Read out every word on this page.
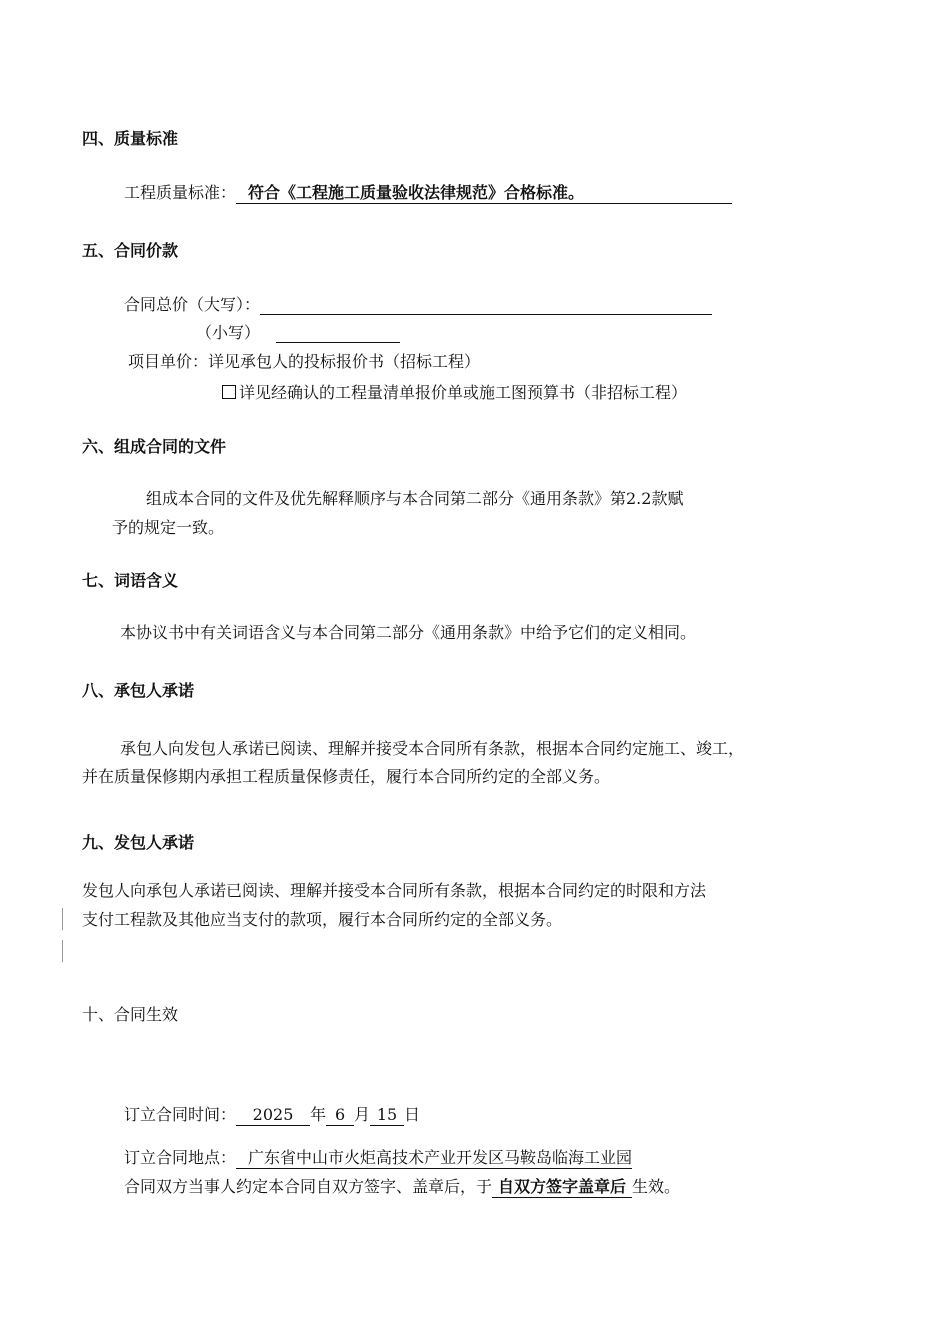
四、质量标准
工程质量标准： 符合《工程施工质量验收法律规范》合格标准。
五、合同价款
合同总价（大写）：
（小写）
项目单价：详见承包人的投标报价书（招标工程）
详见经确认的工程量清单报价单或施工图预算书（非招标工程）
六、组成合同的文件
组成本合同的文件及优先解释顺序与本合同第二部分《通用条款》第2.2款赋
予的规定一致。
七、词语含义
本协议书中有关词语含义与本合同第二部分《通用条款》中给予它们的定义相同。
八、承包人承诺
承包人向发包人承诺已阅读、理解并接受本合同所有条款，根据本合同约定施工、竣工，
并在质量保修期内承担工程质量保修责任，履行本合同所约定的全部义务。
九、发包人承诺
发包人向承包人承诺已阅读、理解并接受本合同所有条款，根据本合同约定的时限和方法
支付工程款及其他应当支付的款项，履行本合同所约定的全部义务。
十、合同生效
订立合同时间： 2025 年 6 月 15 日
订立合同地点： 广东省中山市火炬高技术产业开发区马鞍岛临海工业园
合同双方当事人约定本合同自双方签字、盖章后，于 自双方签字盖章后 生效。
